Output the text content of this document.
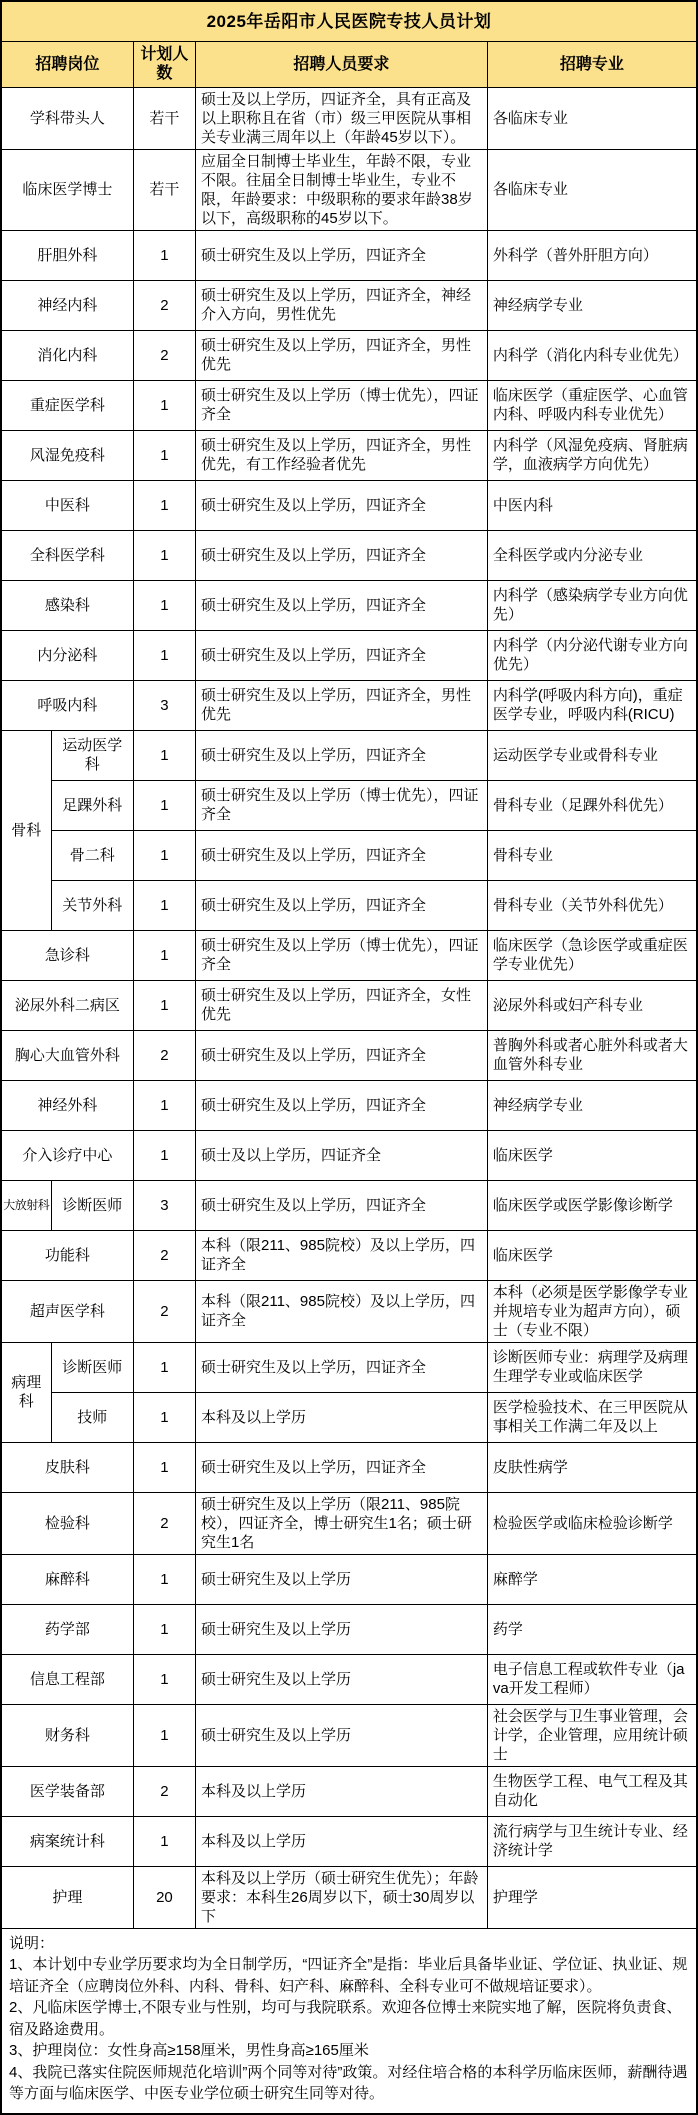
2025年岳阳市人民医院专技人员计划				
招聘岗位		计划人数	招聘人员要求	招聘专业
学科带头人		若干	硕士及以上学历，四证齐全，具有正高及以上职称且在省（市）级三甲医院从事相关专业满三周年以上（年龄45岁以下）。	各临床专业
临床医学博士		若干	应届全日制博士毕业生，年龄不限，专业不限。往届全日制博士毕业生，专业不限，年龄要求：中级职称的要求年龄38岁以下，高级职称的45岁以下。	各临床专业
肝胆外科		1	硕士研究生及以上学历，四证齐全	外科学（普外肝胆方向）
神经内科		2	硕士研究生及以上学历，四证齐全，神经介入方向，男性优先	神经病学专业
消化内科		2	硕士研究生及以上学历，四证齐全，男性优先	内科学（消化内科专业优先）
重症医学科		1	硕士研究生及以上学历（博士优先），四证齐全	临床医学（重症医学、心血管内科、呼吸内科专业优先）
风湿免疫科		1	硕士研究生及以上学历，四证齐全，男性优先，有工作经验者优先	内科学（风湿免疫病、肾脏病学，血液病学方向优先）
中医科		1	硕士研究生及以上学历，四证齐全	中医内科
全科医学科		1	硕士研究生及以上学历，四证齐全	全科医学或内分泌专业
感染科		1	硕士研究生及以上学历，四证齐全	内科学（感染病学专业方向优先）
内分泌科		1	硕士研究生及以上学历，四证齐全	内科学（内分泌代谢专业方向优先）
呼吸内科		3	硕士研究生及以上学历，四证齐全，男性优先	内科学(呼吸内科方向)，重症医学专业，呼吸内科(RICU)
骨科	运动医学科	1	硕士研究生及以上学历，四证齐全	运动医学专业或骨科专业
	足踝外科	1	硕士研究生及以上学历（博士优先），四证齐全	骨科专业（足踝外科优先）
	骨二科	1	硕士研究生及以上学历，四证齐全	骨科专业
	关节外科	1	硕士研究生及以上学历，四证齐全	骨科专业（关节外科优先）
急诊科		1	硕士研究生及以上学历（博士优先），四证齐全	临床医学（急诊医学或重症医学专业优先）
泌尿外科二病区		1	硕士研究生及以上学历，四证齐全，女性优先	泌尿外科或妇产科专业
胸心大血管外科		2	硕士研究生及以上学历，四证齐全	普胸外科或者心脏外科或者大血管外科专业
神经外科		1	硕士研究生及以上学历，四证齐全	神经病学专业
介入诊疗中心		1	硕士及以上学历，四证齐全	临床医学
大放射科	诊断医师	3	硕士研究生及以上学历，四证齐全	临床医学或医学影像诊断学
功能科		2	本科（限211、985院校）及以上学历，四证齐全	临床医学
超声医学科		2	本科（限211、985院校）及以上学历，四证齐全	本科（必须是医学影像学专业并规培专业为超声方向），硕士（专业不限）
病理科	诊断医师	1	硕士研究生及以上学历，四证齐全	诊断医师专业：病理学及病理生理学专业或临床医学
	技师	1	本科及以上学历	医学检验技术、在三甲医院从事相关工作满二年及以上
皮肤科		1	硕士研究生及以上学历，四证齐全	皮肤性病学
检验科		2	硕士研究生及以上学历（限211、985院校），四证齐全，博士研究生1名；硕士研究生1名	检验医学或临床检验诊断学
麻醉科		1	硕士研究生及以上学历	麻醉学
药学部		1	硕士研究生及以上学历	药学
信息工程部		1	硕士研究生及以上学历	电子信息工程或软件专业（java开发工程师）
财务科		1	硕士研究生及以上学历	社会医学与卫生事业管理，会计学，企业管理，应用统计硕士
医学装备部		2	本科及以上学历	生物医学工程、电气工程及其自动化
病案统计科		1	本科及以上学历	流行病学与卫生统计专业、经济统计学
护理		20	本科及以上学历（硕士研究生优先）；年龄要求：本科生26周岁以下，硕士30周岁以下	护理学

说明：
1、本计划中专业学历要求均为全日制学历，“四证齐全”是指：毕业后具备毕业证、学位证、执业证、规培证齐全（应聘岗位外科、内科、骨科、妇产科、麻醉科、全科专业可不做规培证要求）。
2、凡临床医学博士,不限专业与性别，均可与我院联系。欢迎各位博士来院实地了解，医院将负责食、宿及路途费用。
3、护理岗位：女性身高≥158厘米，男性身高≥165厘米
4、我院已落实住院医师规范化培训”两个同等对待”政策。对经住培合格的本科学历临床医师，薪酬待遇等方面与临床医学、中医专业学位硕士研究生同等对待。				
